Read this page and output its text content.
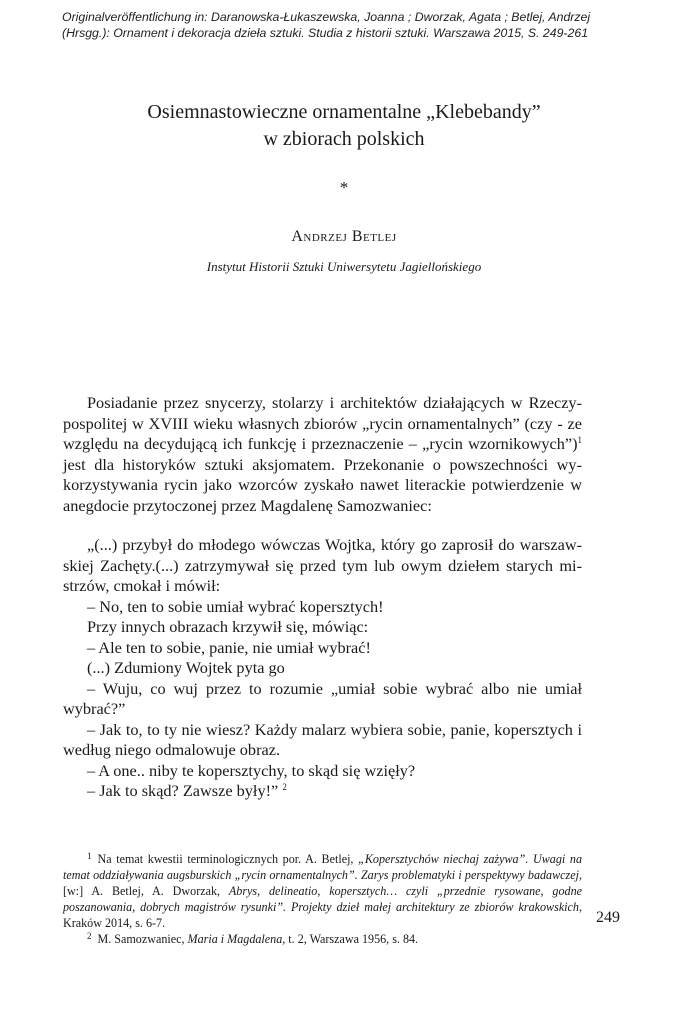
Originalveröffentlichung in: Daranowska-Łukaszewska, Joanna ; Dworzak, Agata ; Betlej, Andrzej
(Hrsgg.): Ornament i dekoracja dzieła sztuki. Studia z historii sztuki. Warszawa 2015, S. 249-261
Osiemnastowieczne ornamentalne „Klebebandy”
w zbiorach polskich
*
Andrzej Betlej
Instytut Historii Sztuki Uniwersytetu Jagiellońskiego

Posiadanie przez snycerzy, stolarzy i architektów działających w Rzeczypospolitej w XVIII wieku własnych zbiorów „rycin ornamentalnych” (czy - ze względu na decydującą ich funkcję i przeznaczenie – „rycin wzornikowych”)$^1$ jest dla historyków sztuki aksjomatem. Przekonanie o powszechności wykorzystywania rycin jako wzorców zyskało nawet literackie potwierdzenie w anegdocie przytoczonej przez Magdalenę Samozwaniec:

„(...) przybył do młodego wówczas Wojtka, który go zaprosił do warszawskiej Zachęty.(...) zatrzymywał się przed tym lub owym dziełem starych mistrzów, cmokał i mówił:

– No, ten to sobie umiał wybrać kopersztych!

Przy innych obrazach krzywił się, mówiąc:

– Ale ten to sobie, panie, nie umiał wybrać!

(...) Zdumiony Wojtek pyta go

– Wuju, co wuj przez to rozumie „umiał sobie wybrać albo nie umiał wybrać?”

– Jak to, to ty nie wiesz? Każdy malarz wybiera sobie, panie, kopersztych i według niego odmalowuje obraz.

– A one.. niby te kopersztychy, to skąd się wzięły?

– Jak to skąd? Zawsze były!” $^2$

$^1$ Na temat kwestii terminologicznych por. A. Betlej, „Kopersztychów niechaj zażywa”. Uwagi na temat oddziaływania augsburskich „rycin ornamentalnych”. Zarys problematyki i perspektywy badawczej, [w:] A. Betlej, A. Dworzak, Abrys, delineatio, kopersztych… czyli „przednie rysowane, godne poszanowania, dobrych magistrów rysunki”. Projekty dzieł małej architektury ze zbiorów krakowskich, Kraków 2014, s. 6-7.

$^2$ M. Samozwaniec, Maria i Magdalena, t. 2, Warszawa 1956, s. 84.

249
